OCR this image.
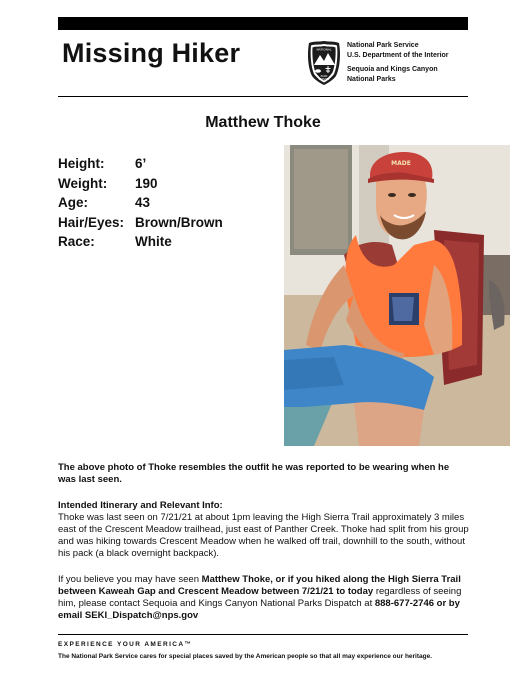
Missing Hiker	NATIONAL
PARK
SERVICE
National Park Service
U.S. Department of the Interior
Sequoia and Kings Canyon
National Parks
Matthew Thoke
Height:	6’
Weight:	190
Age:	43
Hair/Eyes: Brown/Brown
Race:	White
MADE
The above photo of Thoke resembles the outfit he was reported to be wearing when he was last seen.
Intended Itinerary and Relevant Info:
Thoke was last seen on 7/21/21 at about 1pm leaving the High Sierra Trail approximately 3 miles east of the Crescent Meadow trailhead, just east of Panther Creek. Thoke had split from his group and was hiking towards Crescent Meadow when he walked off trail, downhill to the south, without his pack (a black overnight backpack).
If you believe you may have seen Matthew Thoke, or if you hiked along the High Sierra Trail between Kaweah Gap and Crescent Meadow between 7/21/21 to today regardless of seeing him, please contact Sequoia and Kings Canyon National Parks Dispatch at 888-677-2746 or by email SEKI_Dispatch@nps.gov
EXPERIENCE YOUR AMERICA™
The National Park Service cares for special places saved by the American people so that all may experience our heritage.
